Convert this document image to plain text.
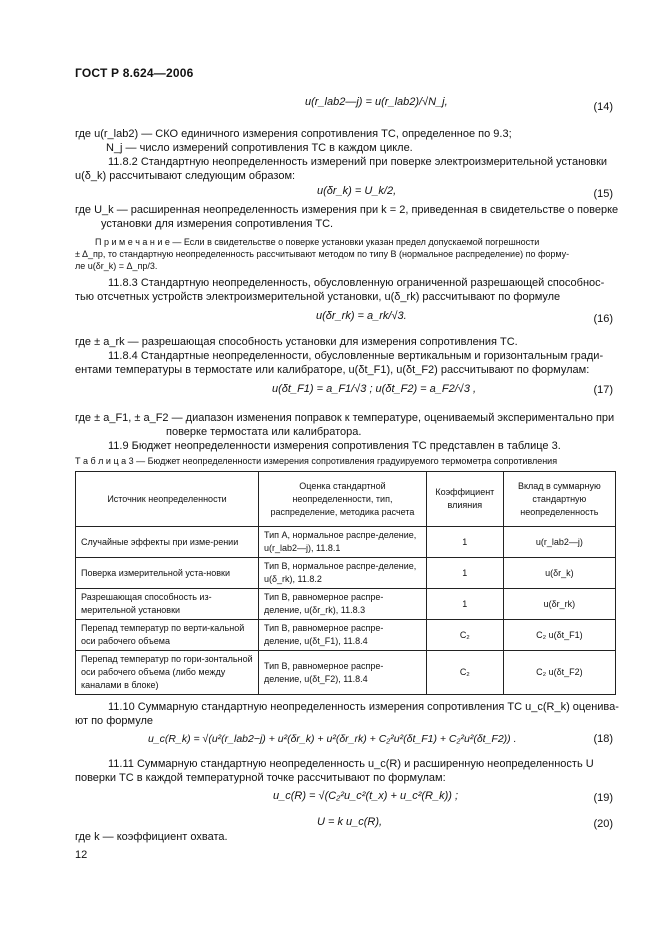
ГОСТ Р 8.624—2006
u(r_lab2—j) = u(r_lab2)/√N_j,	(14)
где u(r_lab2) — СКО единичного измерения сопротивления ТС, определенное по 9.3;
N_j — число измерений сопротивления ТС в каждом цикле.
11.8.2 Стандартную неопределенность измерений при поверке электроизмерительной установки
u(δ_k) рассчитывают следующим образом:
u(δr_k) = U_k/2,	(15)
где U_k — расширенная неопределенность измерения при k = 2, приведенная в свидетельстве о поверке
установки для измерения сопротивления ТС.
П р и м е ч а н и е — Если в свидетельстве о поверке установки указан предел допускаемой погрешности
± Δ_пр, то стандартную неопределенность рассчитывают методом по типу В (нормальное распределение) по форму-
ле u(δr_k) = Δ_пр/3.
11.8.3 Стандартную неопределенность, обусловленную ограниченной разрешающей способнос-
тью отсчетных устройств электроизмерительной установки, u(δ_rk) рассчитывают по формуле
u(δr_rk) = a_rk/√3.	(16)
где ± a_rk — разрешающая способность установки для измерения сопротивления ТС.
11.8.4 Стандартные неопределенности, обусловленные вертикальным и горизонтальным гради-
ентами температуры в термостате или калибраторе, u(δt_F1), u(δt_F2) рассчитывают по формулам:
u(δt_F1) = a_F1/√3 ; u(δt_F2) = a_F2/√3 ,	(17)
где ± a_F1, ± a_F2 — диапазон изменения поправок к температуре, оцениваемый экспериментально при
поверке термостата или калибратора.
11.9 Бюджет неопределенности измерения сопротивления ТС представлен в таблице 3.
Т а б л и ц а 3 — Бюджет неопределенности измерения сопротивления градуируемого термометра сопротивления
Источник неопределенности	Оценка стандартной неопределенности, тип, распределение, методика расчета	Коэффициент влияния	Вклад в суммарную стандартную неопределенность
Случайные эффекты при изме-рении	Тип А, нормальное распре-деление, u(r_lab2—j), 11.8.1	1	u(r_lab2—j)
Поверка измерительной уста-новки	Тип В, нормальное распре-деление, u(δ_rk), 11.8.2	1	u(δr_k)
Разрешающая способность из-мерительной установки	Тип В, равномерное распре-деление, u(δr_rk), 11.8.3	1	u(δr_rk)
Перепад температур по верти-кальной оси рабочего объема	Тип В, равномерное распре-деление, u(δt_F1), 11.8.4	C₂	C₂ u(δt_F1)
Перепад температур по гори-зонтальной оси рабочего объема (либо между каналами в блоке)	Тип В, равномерное распре-деление, u(δt_F2), 11.8.4	C₂	C₂ u(δt_F2)
11.10 Суммарную стандартную неопределенность измерения сопротивления ТС u_c(R_k) оценива-
ют по формуле
u_c(R_k) = √(u²(r_lab2−j) + u²(δr_k) + u²(δr_rk) + C₂²u²(δt_F1) + C₂²u²(δt_F2)) .	(18)
11.11 Суммарную стандартную неопределенность u_c(R) и расширенную неопределенность U
поверки ТС в каждой температурной точке рассчитывают по формулам:
u_c(R) = √(C₂²u_c²(t_x) + u_c²(R_k)) ;	(19)
U = k u_c(R),	(20)
где k — коэффициент охвата.
12
